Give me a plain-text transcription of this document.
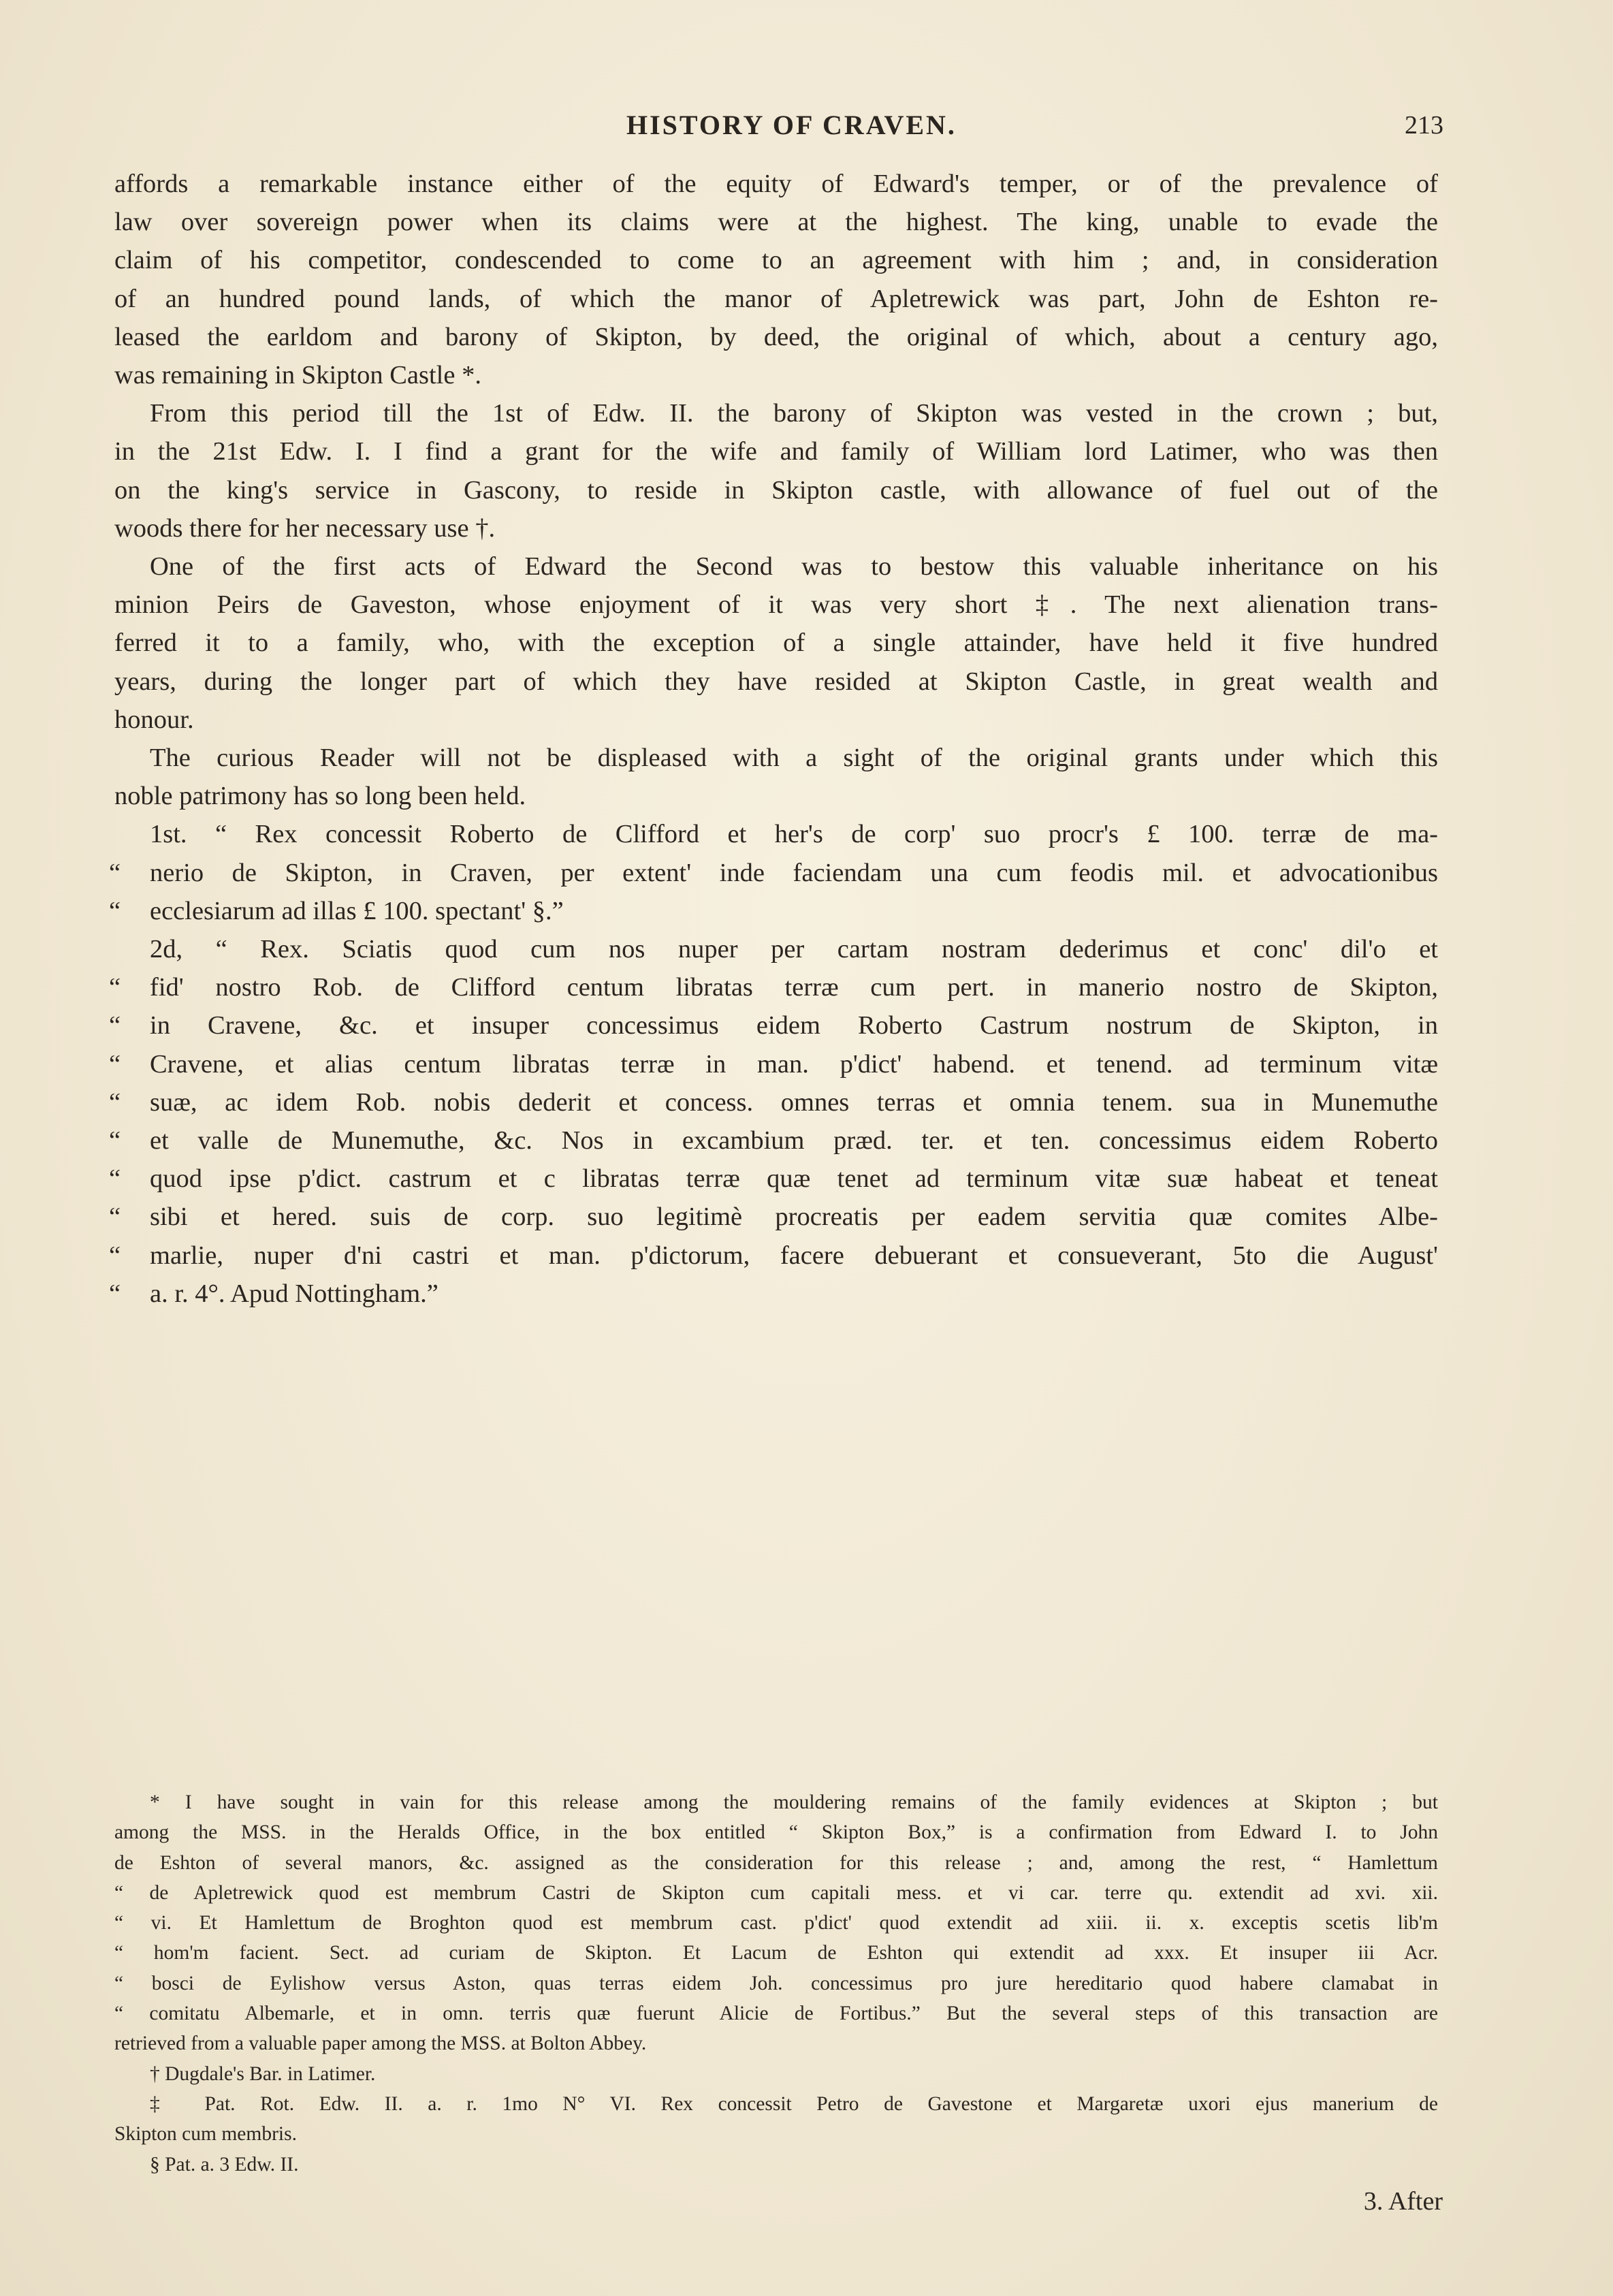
HISTORY OF CRAVEN.	213
affords a remarkable instance either of the equity of Edward's temper, or of the prevalence of
law over sovereign power when its claims were at the highest. The king, unable to evade the
claim of his competitor, condescended to come to an agreement with him ; and, in consideration
of an hundred pound lands, of which the manor of Apletrewick was part, John de Eshton re-
leased the earldom and barony of Skipton, by deed, the original of which, about a century ago,
was remaining in Skipton Castle *.
From this period till the 1st of Edw. II. the barony of Skipton was vested in the crown ; but,
in the 21st Edw. I. I find a grant for the wife and family of William lord Latimer, who was then
on the king's service in Gascony, to reside in Skipton castle, with allowance of fuel out of the
woods there for her necessary use †.
One of the first acts of Edward the Second was to bestow this valuable inheritance on his
minion Peirs de Gaveston, whose enjoyment of it was very short ‡. The next alienation trans-
ferred it to a family, who, with the exception of a single attainder, have held it five hundred
years, during the longer part of which they have resided at Skipton Castle, in great wealth and
honour.
The curious Reader will not be displeased with a sight of the original grants under which this
noble patrimony has so long been held.
1st. “ Rex concessit Roberto de Clifford et her's de corp' suo procr's £ 100. terræ de ma-
“ nerio de Skipton, in Craven, per extent' inde faciendam una cum feodis mil. et advocationibus
“ ecclesiarum ad illas £ 100. spectant' §.”
2d, “ Rex. Sciatis quod cum nos nuper per cartam nostram dederimus et conc' dil'o et
“ fid' nostro Rob. de Clifford centum libratas terræ cum pert. in manerio nostro de Skipton,
“ in Cravene, &c. et insuper concessimus eidem Roberto Castrum nostrum de Skipton, in
“ Cravene, et alias centum libratas terræ in man. p'dict' habend. et tenend. ad terminum vitæ
“ suæ, ac idem Rob. nobis dederit et concess. omnes terras et omnia tenem. sua in Munemuthe
“ et valle de Munemuthe, &c. Nos in excambium præd. ter. et ten. concessimus eidem Roberto
“ quod ipse p'dict. castrum et c libratas terræ quæ tenet ad terminum vitæ suæ habeat et teneat
“ sibi et hered. suis de corp. suo legitimè procreatis per eadem servitia quæ comites Albe-
“ marlie, nuper d'ni castri et man. p'dictorum, facere debuerant et consueverant, 5to die August'
“ a. r. 4°. Apud Nottingham.”
* I have sought in vain for this release among the mouldering remains of the family evidences at Skipton ; but
among the MSS. in the Heralds Office, in the box entitled “ Skipton Box,” is a confirmation from Edward I. to John
de Eshton of several manors, &c. assigned as the consideration for this release ; and, among the rest, “ Hamlettum
“ de Apletrewick quod est membrum Castri de Skipton cum capitali mess. et vi car. terre qu. extendit ad xvi. xii.
“ vi. Et Hamlettum de Broghton quod est membrum cast. p'dict' quod extendit ad xiii. ii. x. exceptis scetis lib'm
“ hom'm facient. Sect. ad curiam de Skipton. Et Lacum de Eshton qui extendit ad xxx. Et insuper iii Acr.
“ bosci de Eylishow versus Aston, quas terras eidem Joh. concessimus pro jure hereditario quod habere clamabat in
“ comitatu Albemarle, et in omn. terris quæ fuerunt Alicie de Fortibus.” But the several steps of this transaction are
retrieved from a valuable paper among the MSS. at Bolton Abbey.
† Dugdale's Bar. in Latimer.
‡ Pat. Rot. Edw. II. a. r. 1mo N° VI. Rex concessit Petro de Gavestone et Margaretæ uxori ejus manerium de
Skipton cum membris.
§ Pat. a. 3 Edw. II.
3. After
